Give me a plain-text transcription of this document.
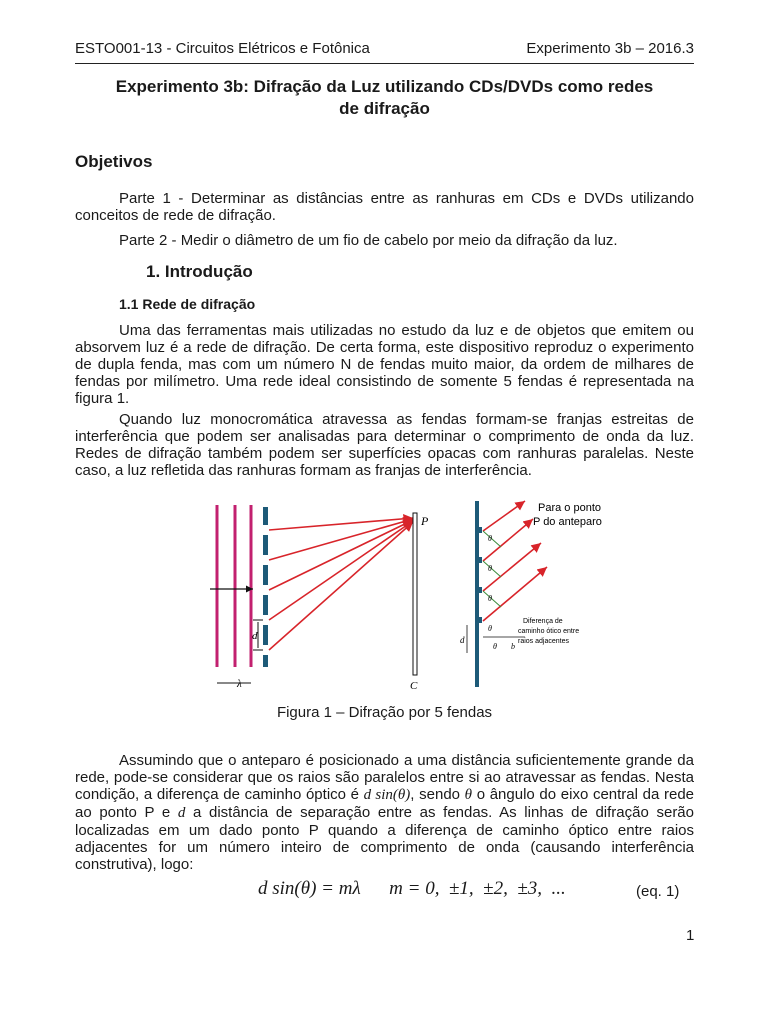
ESTO001-13 - Circuitos Elétricos e Fotônica	Experimento 3b – 2016.3
Experimento 3b: Difração da Luz utilizando CDs/DVDs como redes
de difração
Objetivos
Parte 1 - Determinar as distâncias entre as ranhuras em CDs e DVDs utilizando conceitos de rede de difração.
Parte 2 - Medir o diâmetro de um fio de cabelo por meio da difração da luz.
1. Introdução
1.1 Rede de difração
Uma das ferramentas mais utilizadas no estudo da luz e de objetos que emitem ou absorvem luz é a rede de difração. De certa forma, este dispositivo reproduz o experimento de dupla fenda, mas com um número N de fendas muito maior, da ordem de milhares de fendas por milímetro. Uma rede ideal consistindo de somente 5 fendas é representada na figura 1.
Quando luz monocromática atravessa as fendas formam-se franjas estreitas de interferência que podem ser analisadas para determinar o comprimento de onda da luz. Redes de difração também podem ser superfícies opacas com ranhuras paralelas. Neste caso, a luz refletida das ranhuras formam as franjas de interferência.
d
λ
P
C
θ
θ
θ
θ
θ b
d
Para o ponto
P do anteparo
Diferença de
caminho ótico entre
raios adjacentes
Figura 1 – Difração por 5 fendas
Assumindo que o anteparo é posicionado a uma distância suficientemente grande da rede, pode-se considerar que os raios são paralelos entre si ao atravessar as fendas. Nesta condição, a diferença de caminho óptico é d sin(θ), sendo θ o ângulo do eixo central da rede ao ponto P e d a distância de separação entre as fendas. As linhas de difração serão localizadas em um dado ponto P quando a diferença de caminho óptico entre raios adjacentes for um número inteiro de comprimento de onda (causando interferência construtiva), logo:
d sin(θ) = mλ      m = 0,  ±1,  ±2,  ±3,  ...	(eq. 1)
1
